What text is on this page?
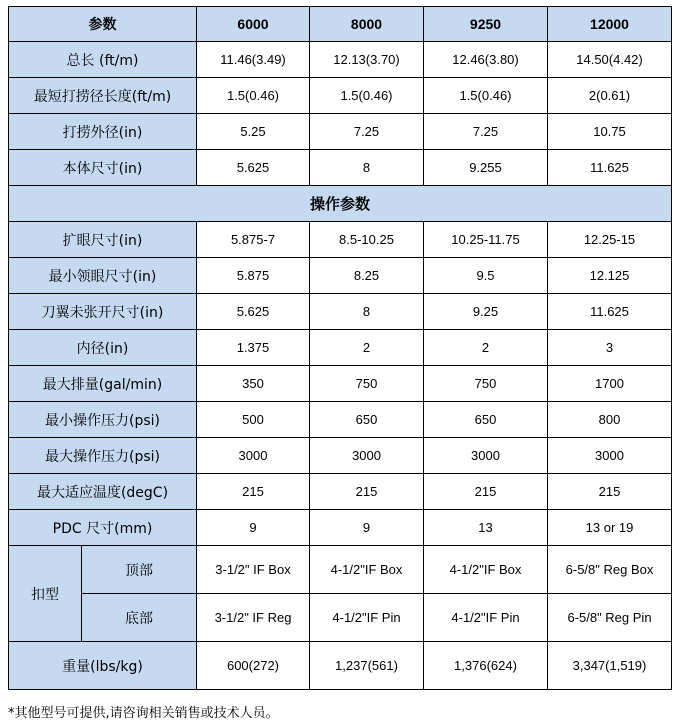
参数		6000	8000	9250	12000
总长 (ft/m)		11.46(3.49)	12.13(3.70)	12.46(3.80)	14.50(4.42)
最短打捞径长度(ft/m)		1.5(0.46)	1.5(0.46)	1.5(0.46)	2(0.61)
打捞外径(in)		5.25	7.25	7.25	10.75
本体尺寸(in)		5.625	8	9.255	11.625
操作参数					
扩眼尺寸(in)		5.875-7	8.5-10.25	10.25-11.75	12.25-15
最小领眼尺寸(in)		5.875	8.25	9.5	12.125
刀翼未张开尺寸(in)		5.625	8	9.25	11.625
内径(in)		1.375	2	2	3
最大排量(gal/min)		350	750	750	1700
最小操作压力(psi)		500	650	650	800
最大操作压力(psi)		3000	3000	3000	3000
最大适应温度(degC)		215	215	215	215
PDC 尺寸(mm)		9	9	13	13 or 19
扣型	顶部	3-1/2" IF Box	4-1/2"IF Box	4-1/2"IF Box	6-5/8" Reg Box
	底部	3-1/2" IF Reg	4-1/2"IF Pin	4-1/2"IF Pin	6-5/8" Reg Pin
重量(lbs/kg)		600(272)	1,237(561)	1,376(624)	3,347(1,519)
*其他型号可提供,请咨询相关销售或技术人员。
